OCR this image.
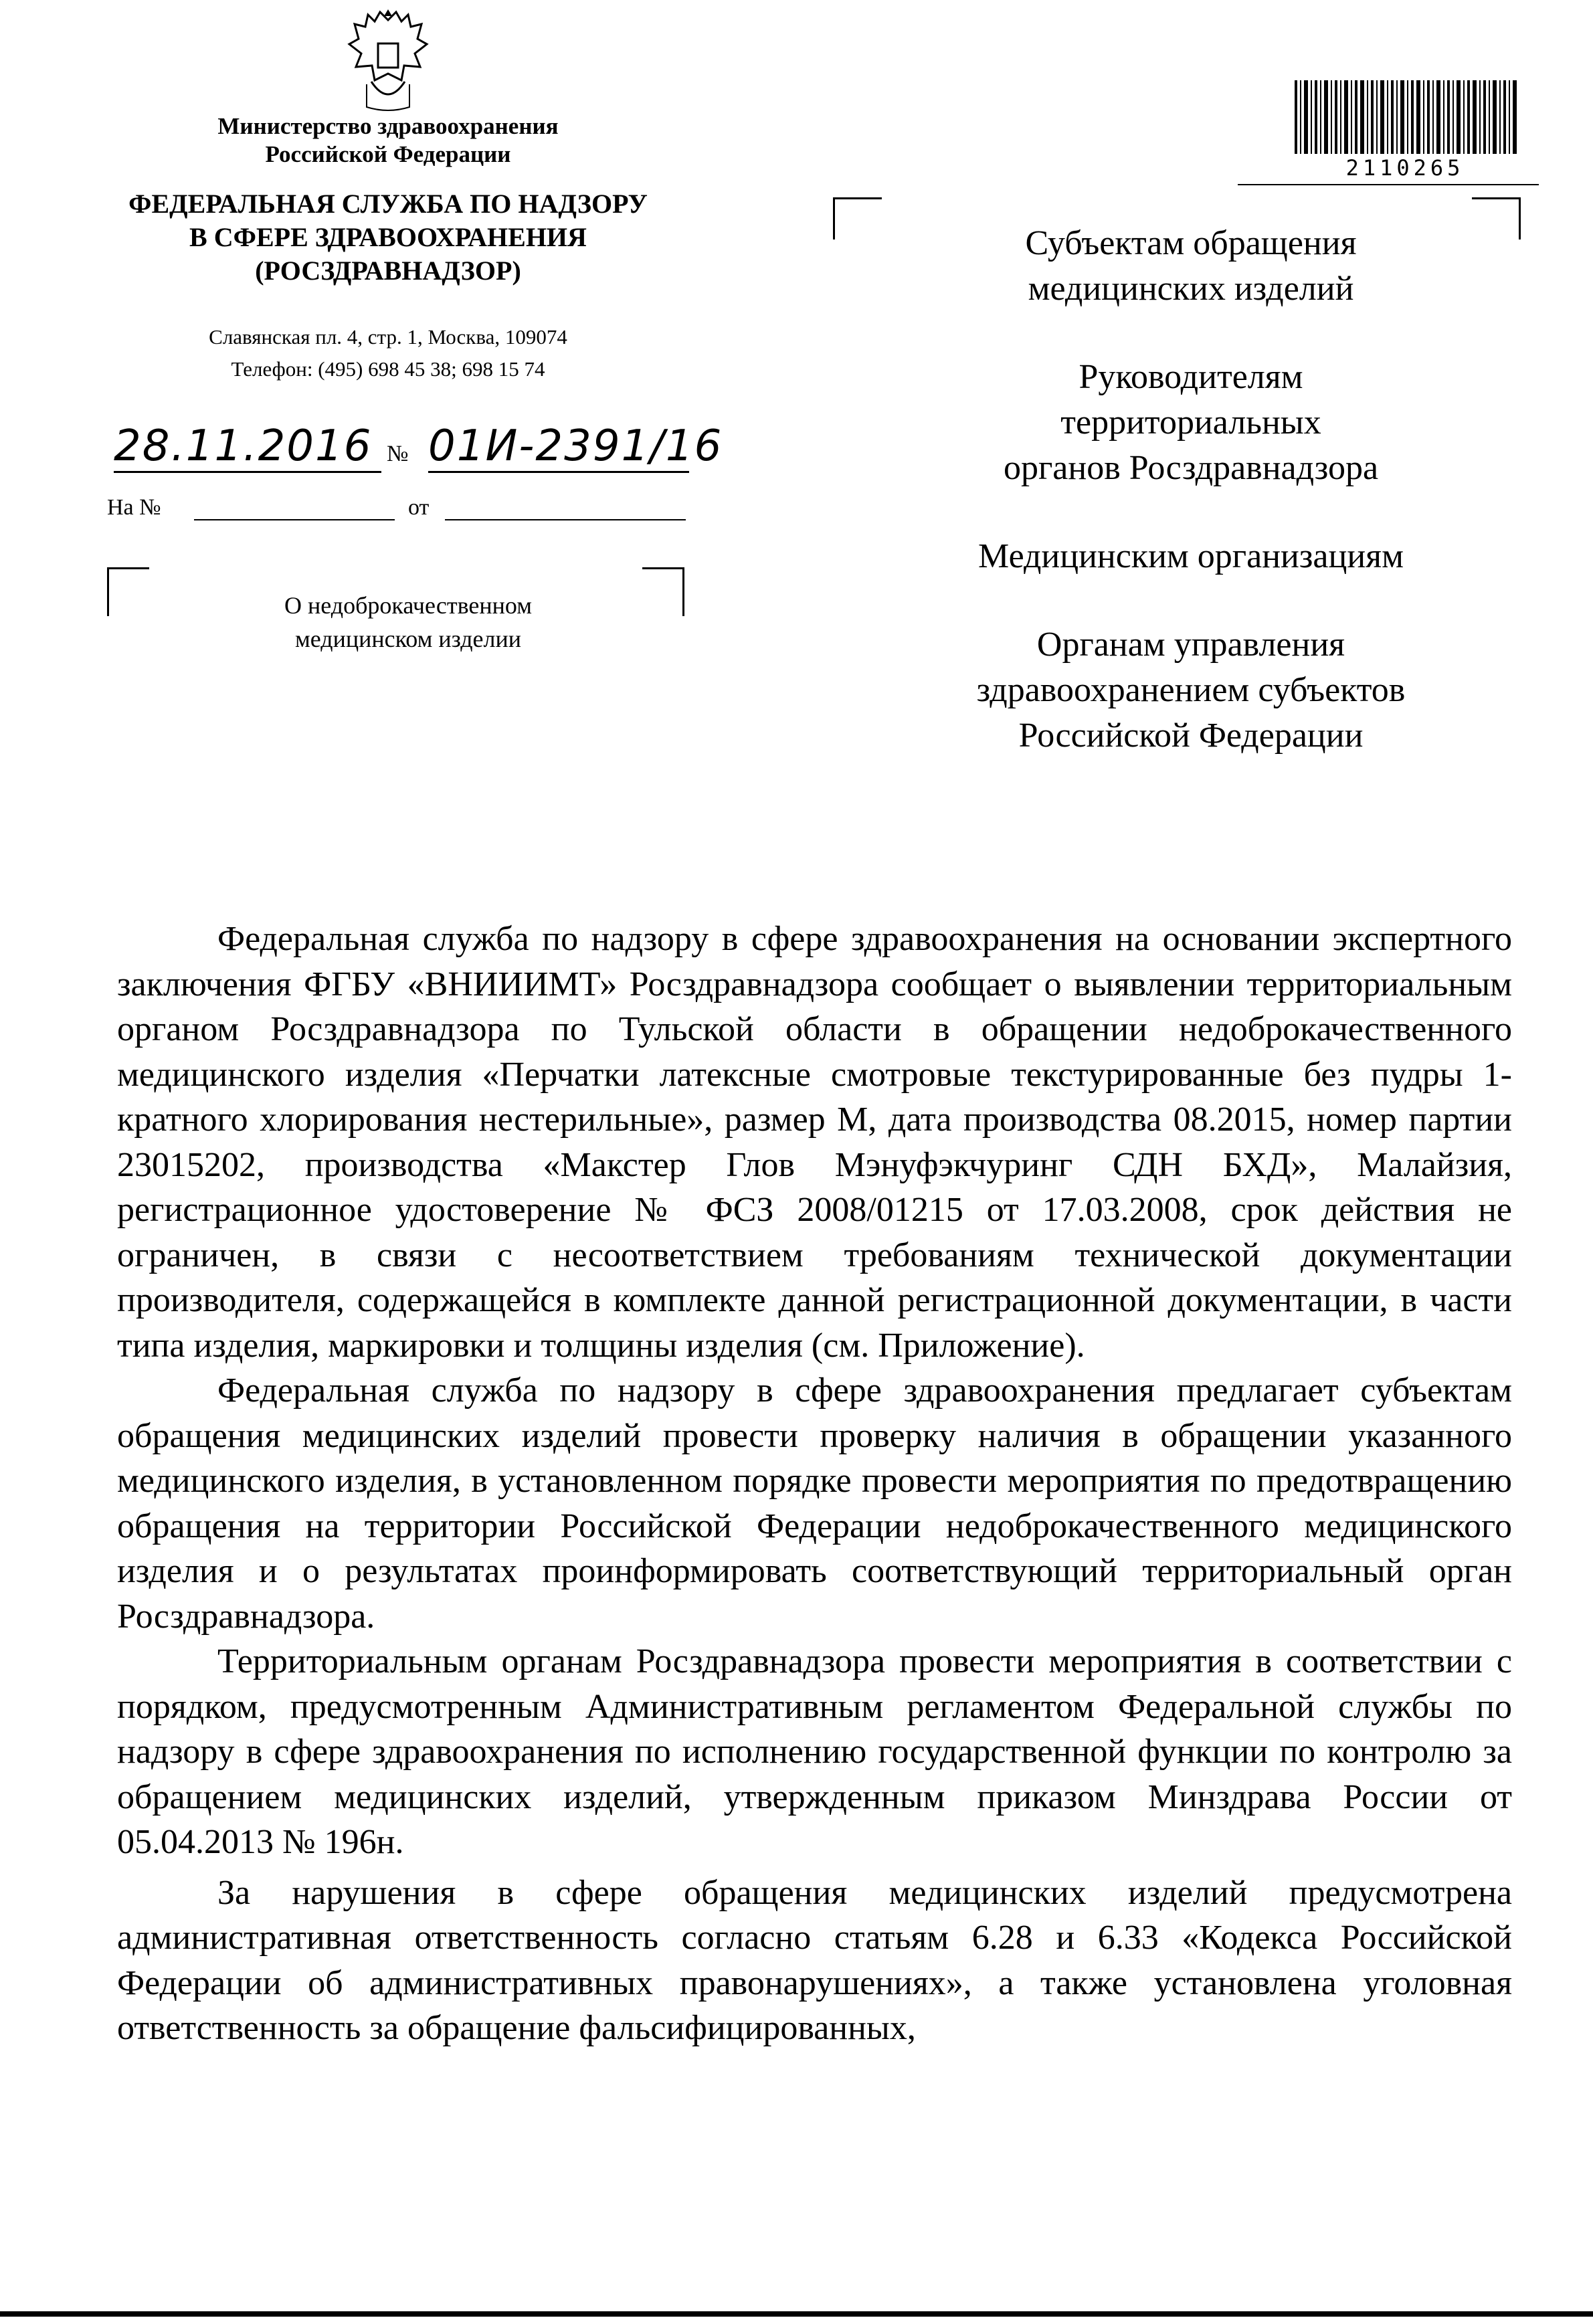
Министерство здравоохранения
Российской Федерации
ФЕДЕРАЛЬНАЯ СЛУЖБА ПО НАДЗОРУ
В СФЕРЕ ЗДРАВООХРАНЕНИЯ
(РОСЗДРАВНАДЗОР)
Славянская пл. 4, стр. 1, Москва, 109074
Телефон: (495) 698 45 38; 698 15 74
28.11.2016 № 01И-2391/16
На №	от
О недоброкачественном
медицинском изделии
2110265
Субъектам обращения
медицинских изделий
Руководителям
территориальных
органов Росздравнадзора
Медицинским организациям
Органам управления
здравоохранением субъектов
Российской Федерации

Федеральная служба по надзору в сфере здравоохранения на основании экспертного заключения ФГБУ «ВНИИИМТ» Росздравнадзора сообщает о выявлении территориальным органом Росздравнадзора по Тульской области в обращении недоброкачественного медицинского изделия «Перчатки латексные смотровые текстурированные без пудры 1-кратного хлорирования нестерильные», размер М, дата производства 08.2015, номер партии 23015202, производства «Макстер Глов Мэнуфэкчуринг СДН БХД», Малайзия, регистрационное удостоверение № ФСЗ 2008/01215 от 17.03.2008, срок действия не ограничен, в связи с несоответствием требованиям технической документации производителя, содержащейся в комплекте данной регистрационной документации, в части типа изделия, маркировки и толщины изделия (см. Приложение).

Федеральная служба по надзору в сфере здравоохранения предлагает субъектам обращения медицинских изделий провести проверку наличия в обращении указанного медицинского изделия, в установленном порядке провести мероприятия по предотвращению обращения на территории Российской Федерации недоброкачественного медицинского изделия и о результатах проинформировать соответствующий территориальный орган Росздравнадзора.

Территориальным органам Росздравнадзора провести мероприятия в соответствии с порядком, предусмотренным Административным регламентом Федеральной службы по надзору в сфере здравоохранения по исполнению государственной функции по контролю за обращением медицинских изделий, утвержденным приказом Минздрава России от 05.04.2013 № 196н.

За нарушения в сфере обращения медицинских изделий предусмотрена административная ответственность согласно статьям 6.28 и 6.33 «Кодекса Российской Федерации об административных правонарушениях», а также установлена уголовная ответственность за обращение фальсифицированных,
